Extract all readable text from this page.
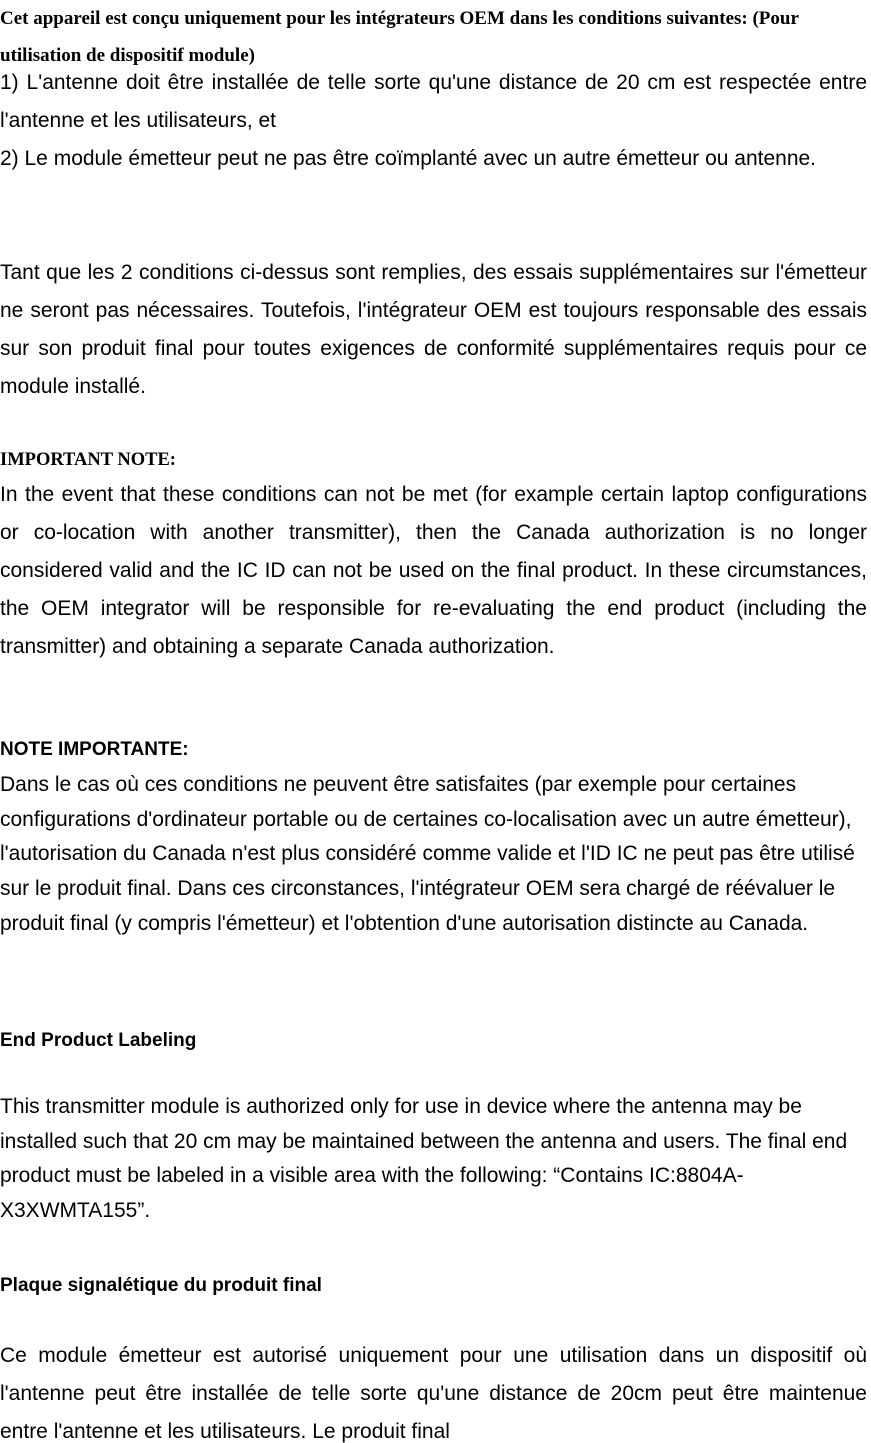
Cet appareil est conçu uniquement pour les intégrateurs OEM dans les conditions suivantes: (Pour utilisation de dispositif module)

1) L'antenne doit être installée de telle sorte qu'une distance de 20 cm est respectée entre l'antenne et les utilisateurs, et

2) Le module émetteur peut ne pas être coïmplanté avec un autre émetteur ou antenne.

Tant que les 2 conditions ci-dessus sont remplies, des essais supplémentaires sur l'émetteur ne seront pas nécessaires. Toutefois, l'intégrateur OEM est toujours responsable des essais sur son produit final pour toutes exigences de conformité supplémentaires requis pour ce module installé.

IMPORTANT NOTE:

In the event that these conditions can not be met (for example certain laptop configurations or co-location with another transmitter), then the Canada authorization is no longer considered valid and the IC ID can not be used on the final product. In these circumstances, the OEM integrator will be responsible for re-evaluating the end product (including the transmitter) and obtaining a separate Canada authorization.

NOTE IMPORTANTE:

Dans le cas où ces conditions ne peuvent être satisfaites (par exemple pour certaines configurations d'ordinateur portable ou de certaines co-localisation avec un autre émetteur), l'autorisation du Canada n'est plus considéré comme valide et l'ID IC ne peut pas être utilisé sur le produit final. Dans ces circonstances, l'intégrateur OEM sera chargé de réévaluer le produit final (y compris l'émetteur) et l'obtention d'une autorisation distincte au Canada.

End Product Labeling

This transmitter module is authorized only for use in device where the antenna may be installed such that 20 cm may be maintained between the antenna and users. The final end product must be labeled in a visible area with the following: “Contains IC:8804A-X3XWMTA155”.

Plaque signalétique du produit final

Ce module émetteur est autorisé uniquement pour une utilisation dans un dispositif où l'antenne peut être installée de telle sorte qu'une distance de 20cm peut être maintenue entre l'antenne et les utilisateurs. Le produit final
